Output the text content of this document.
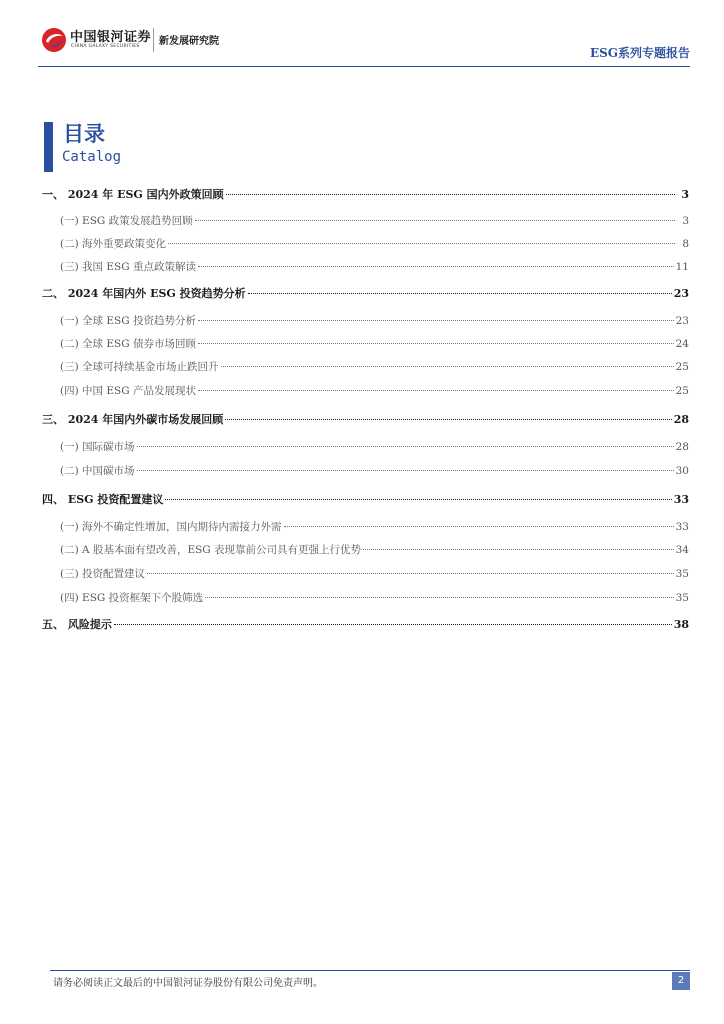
中国银河证券
CHINA GALAXY SECURITIES 新发展研究院
ESG系列专题报告
目录
Catalog
一、 2024 年 ESG 国内外政策回顾	3
(一) ESG 政策发展趋势回顾	3
(二) 海外重要政策变化	8
(三) 我国 ESG 重点政策解读	11
二、 2024 年国内外 ESG 投资趋势分析	23
(一) 全球 ESG 投资趋势分析	23
(二) 全球 ESG 债券市场回顾	24
(三) 全球可持续基金市场止跌回升	25
(四) 中国 ESG 产品发展现状	25
三、 2024 年国内外碳市场发展回顾	28
(一) 国际碳市场	28
(二) 中国碳市场	30
四、 ESG 投资配置建议	33
(一) 海外不确定性增加，国内期待内需接力外需	33
(二) A 股基本面有望改善，ESG 表现靠前公司具有更强上行优势	34
(三) 投资配置建议	35
(四) ESG 投资框架下个股筛选	35
五、 风险提示	38
请务必阅读正文最后的中国银河证券股份有限公司免责声明。	2
